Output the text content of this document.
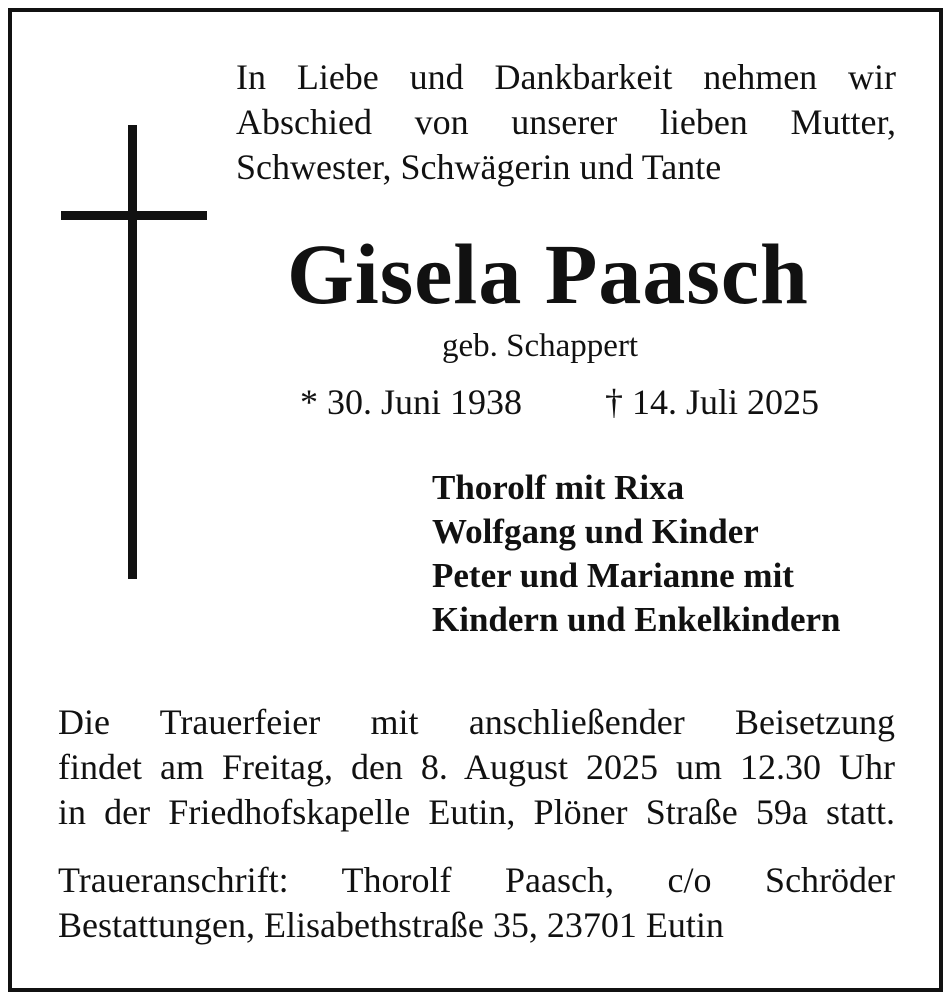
In Liebe und Dankbarkeit nehmen wir
Abschied von unserer lieben Mutter,
Schwester, Schwägerin und Tante
Gisela Paasch
geb. Schappert
* 30. Juni 1938 † 14. Juli 2025
Thorolf mit Rixa
Wolfgang und Kinder
Peter und Marianne mit
Kindern und Enkelkindern
Die Trauerfeier mit anschließender Beisetzung
findet am Freitag, den 8. August 2025 um 12.30 Uhr
in der Friedhofskapelle Eutin, Plöner Straße 59a statt.
Traueranschrift: Thorolf Paasch, c/o Schröder
Bestattungen, Elisabethstraße 35, 23701 Eutin
